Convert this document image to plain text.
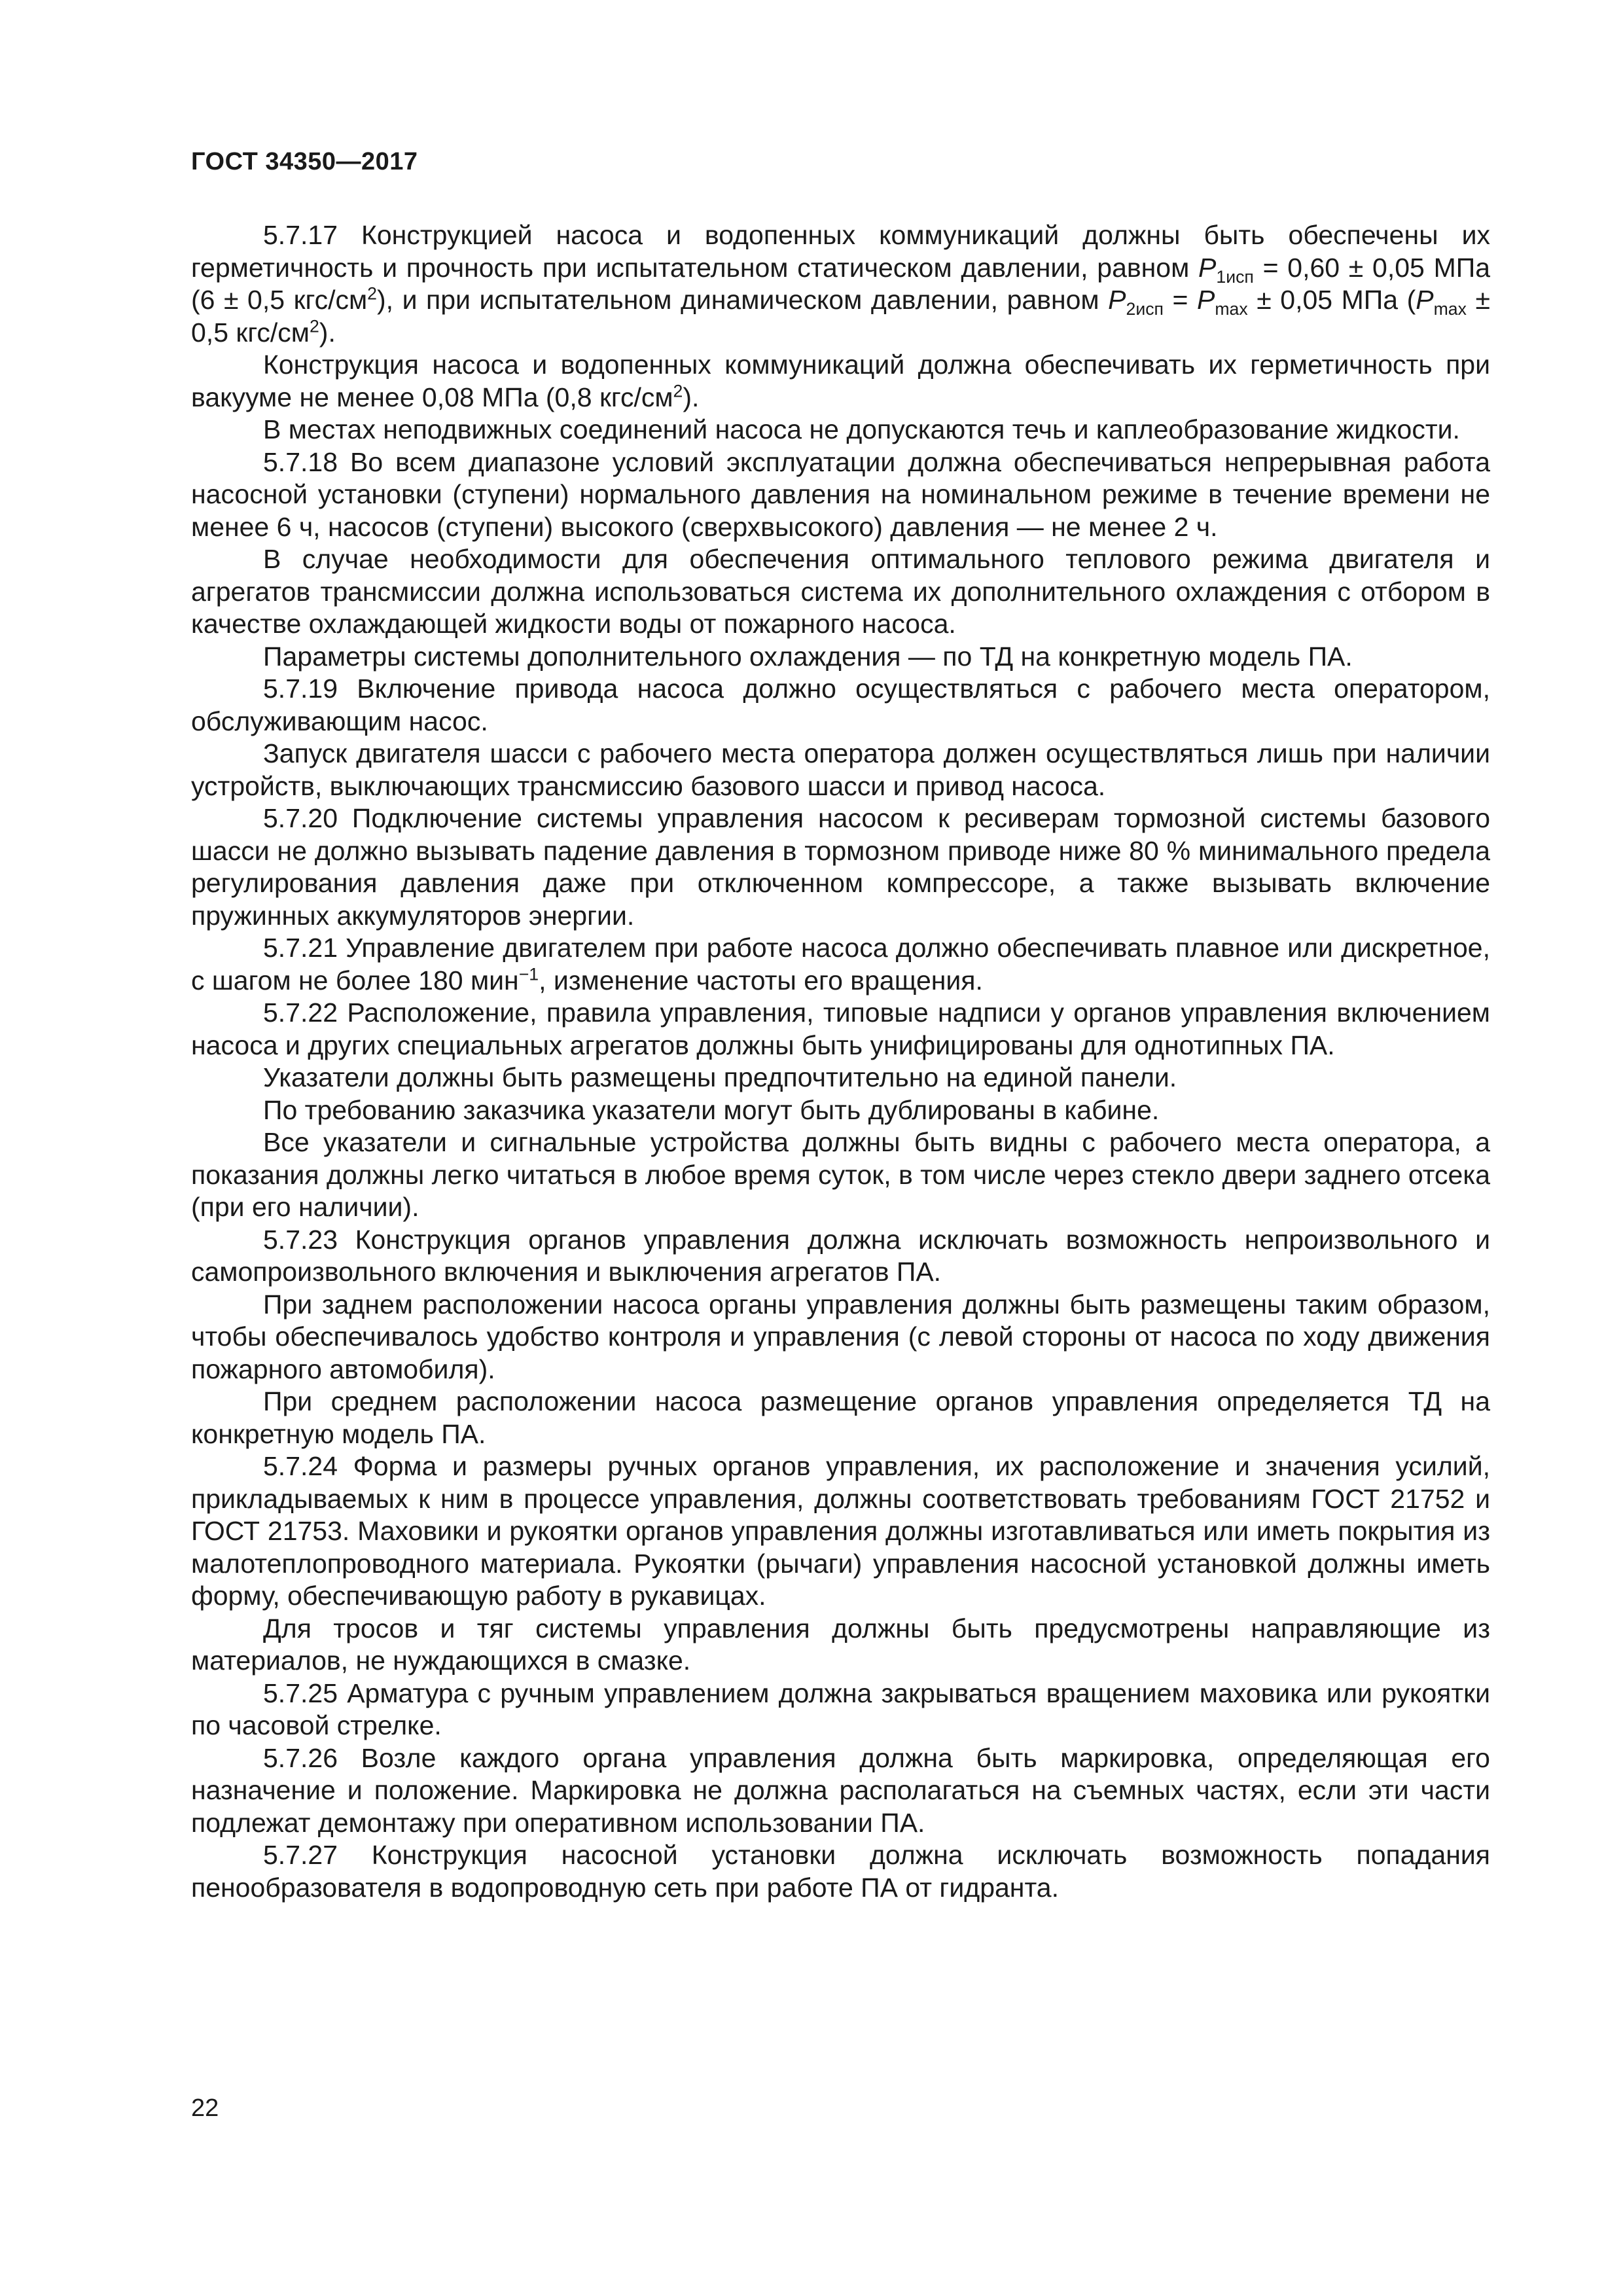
ГОСТ 34350—2017

5.7.17 Конструкцией насоса и водопенных коммуникаций должны быть обеспечены их герметичность и прочность при испытательном статическом давлении, равном $P_{1исп} = 0,60 \pm 0,05$ МПа (6 ± 0,5 кгс/$см^2$), и при испытательном динамическом давлении, равном $P_{2исп} = P_{max} \pm 0,05$ МПа ($P_{max} \pm 0,5$ кгс/$см^2$).

Конструкция насоса и водопенных коммуникаций должна обеспечивать их герметичность при вакууме не менее 0,08 МПа (0,8 кгс/$см^2$).

В местах неподвижных соединений насоса не допускаются течь и каплеобразование жидкости.

5.7.18 Во всем диапазоне условий эксплуатации должна обеспечиваться непрерывная работа насосной установки (ступени) нормального давления на номинальном режиме в течение времени не менее 6 ч, насосов (ступени) высокого (сверхвысокого) давления — не менее 2 ч.

В случае необходимости для обеспечения оптимального теплового режима двигателя и агрегатов трансмиссии должна использоваться система их дополнительного охлаждения с отбором в качестве охлаждающей жидкости воды от пожарного насоса.

Параметры системы дополнительного охлаждения — по ТД на конкретную модель ПА.

5.7.19 Включение привода насоса должно осуществляться с рабочего места оператором, обслуживающим насос.

Запуск двигателя шасси с рабочего места оператора должен осуществляться лишь при наличии устройств, выключающих трансмиссию базового шасси и привод насоса.

5.7.20 Подключение системы управления насосом к ресиверам тормозной системы базового шасси не должно вызывать падение давления в тормозном приводе ниже 80 % минимального предела регулирования давления даже при отключенном компрессоре, а также вызывать включение пружинных аккумуляторов энергии.

5.7.21 Управление двигателем при работе насоса должно обеспечивать плавное или дискретное, с шагом не более 180 мин$^{-1}$, изменение частоты его вращения.

5.7.22 Расположение, правила управления, типовые надписи у органов управления включением насоса и других специальных агрегатов должны быть унифицированы для однотипных ПА.

Указатели должны быть размещены предпочтительно на единой панели.

По требованию заказчика указатели могут быть дублированы в кабине.

Все указатели и сигнальные устройства должны быть видны с рабочего места оператора, а показания должны легко читаться в любое время суток, в том числе через стекло двери заднего отсека (при его наличии).

5.7.23 Конструкция органов управления должна исключать возможность непроизвольного и самопроизвольного включения и выключения агрегатов ПА.

При заднем расположении насоса органы управления должны быть размещены таким образом, чтобы обеспечивалось удобство контроля и управления (с левой стороны от насоса по ходу движения пожарного автомобиля).

При среднем расположении насоса размещение органов управления определяется ТД на конкретную модель ПА.

5.7.24 Форма и размеры ручных органов управления, их расположение и значения усилий, прикладываемых к ним в процессе управления, должны соответствовать требованиям ГОСТ 21752 и ГОСТ 21753. Маховики и рукоятки органов управления должны изготавливаться или иметь покрытия из малотеплопроводного материала. Рукоятки (рычаги) управления насосной установкой должны иметь форму, обеспечивающую работу в рукавицах.

Для тросов и тяг системы управления должны быть предусмотрены направляющие из материалов, не нуждающихся в смазке.

5.7.25 Арматура с ручным управлением должна закрываться вращением маховика или рукоятки по часовой стрелке.

5.7.26 Возле каждого органа управления должна быть маркировка, определяющая его назначение и положение. Маркировка не должна располагаться на съемных частях, если эти части подлежат демонтажу при оперативном использовании ПА.

5.7.27 Конструкция насосной установки должна исключать возможность попадания пенообразователя в водопроводную сеть при работе ПА от гидранта.

22
